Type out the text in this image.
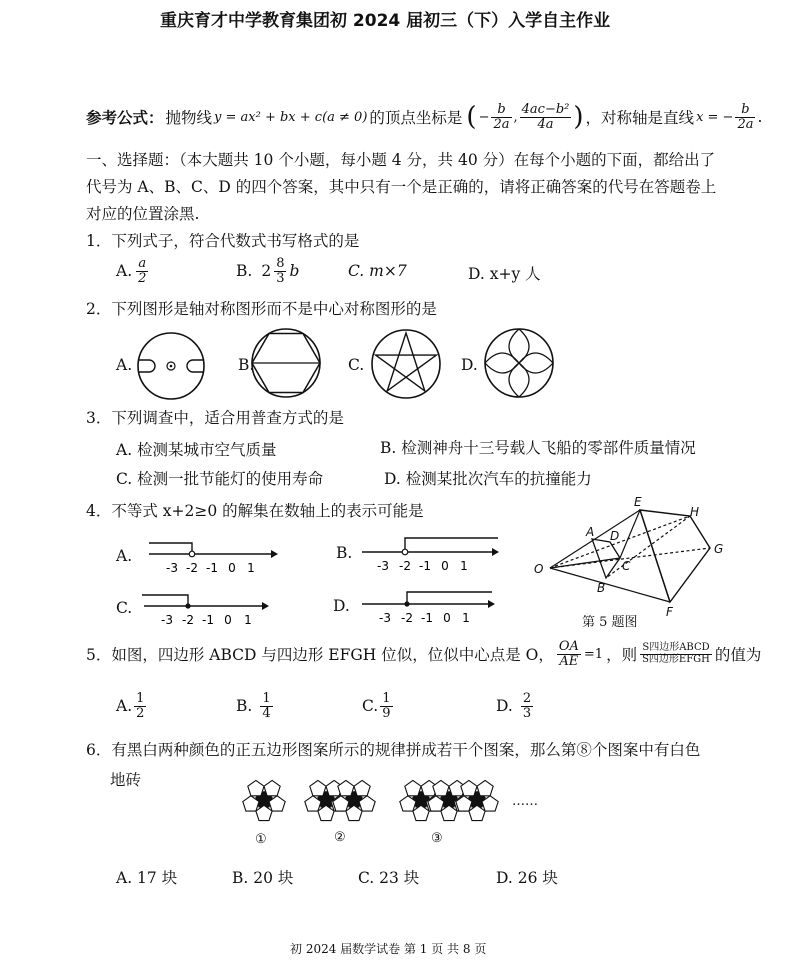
重庆育才中学教育集团初 2024 届初三（下）入学自主作业
参考公式： 抛物线 y = ax² + bx + c(a ≠ 0) 的顶点坐标是 ( − $\frac{b}{2a}$ , $\frac{\text{4ac−b²}}{4a}$ ) ，对称轴是直线 x = − $\frac{b}{2a}$ .
一、选择题：（本大题共 10 个小题，每小题 4 分，共 40 分）在每个小题的下面，都给出了
代号为 A、B、C、D 的四个答案，其中只有一个是正确的，请将正确答案的代号在答题卷上
对应的位置涂黑.
1．下列式子，符合代数式书写格式的是
A. $\frac{a}{2}$	B. $2 \frac{8}{3}$ b	C. m×7	D. x+y 人
2．下列图形是轴对称图形而不是中心对称图形的是
A.	B.	C.	D.
3．下列调查中，适合用普查方式的是
A. 检测某城市空气质量	B. 检测神舟十三号载人飞船的零部件质量情况
C. 检测一批节能灯的使用寿命	D. 检测某批次汽车的抗撞能力
4．不等式 x+2≥0 的解集在数轴上的表示可能是
A.	B.
C.	D.
-3 -2 -1 0 1	-3 -2 -1 0 1
-3 -2 -1 0 1	-3 -2 -1 0 1
O
A
B
C
D
E
F
G
H
第 5 题图
5．如图，四边形 ABCD 与四边形 EFGH 位似，位似中心点是 O， $\frac{OA}{AE} =1$ ，则 $\frac{\text{S四边形ABCD}}{\text{S四边形EFGH}}$ 的值为
A. $\frac{1}{2}$	B. $\frac{1}{4}$	C. $\frac{1}{9}$	D. $\frac{2}{3}$
6．有黑白两种颜色的正五边形图案所示的规律拼成若干个图案，那么第⑧个图案中有白色
地砖
①	②	③
……
A. 17 块	B. 20 块	C. 23 块	D. 26 块
初 2024 届数学试卷 第 1 页 共 8 页
